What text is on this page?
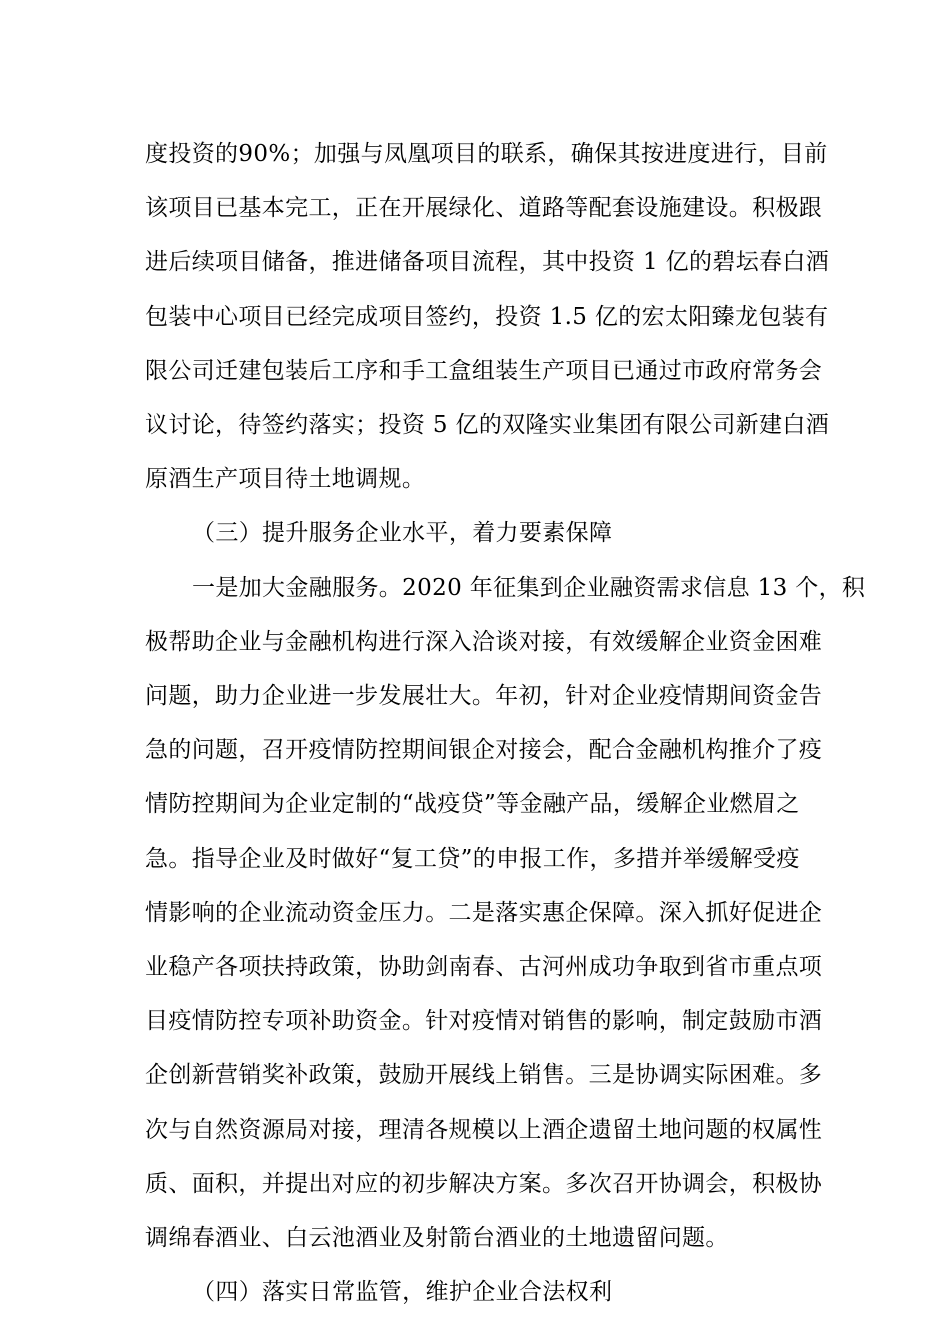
度投资的90%；加强与凤凰项目的联系，确保其按进度进行，目前
该项目已基本完工，正在开展绿化、道路等配套设施建设。积极跟
进后续项目储备，推进储备项目流程，其中投资 1 亿的碧坛春白酒
包装中心项目已经完成项目签约，投资 1.5 亿的宏太阳臻龙包装有
限公司迁建包装后工序和手工盒组装生产项目已通过市政府常务会
议讨论，待签约落实；投资 5 亿的双隆实业集团有限公司新建白酒
原酒生产项目待土地调规。
（三）提升服务企业水平，着力要素保障
一是加大金融服务。2020 年征集到企业融资需求信息 13 个，积
极帮助企业与金融机构进行深入洽谈对接，有效缓解企业资金困难
问题，助力企业进一步发展壮大。年初，针对企业疫情期间资金告
急的问题，召开疫情防控期间银企对接会，配合金融机构推介了疫
情防控期间为企业定制的“战疫贷”等金融产品，缓解企业燃眉之
急。指导企业及时做好“复工贷”的申报工作，多措并举缓解受疫
情影响的企业流动资金压力。二是落实惠企保障。深入抓好促进企
业稳产各项扶持政策，协助剑南春、古河州成功争取到省市重点项
目疫情防控专项补助资金。针对疫情对销售的影响，制定鼓励市酒
企创新营销奖补政策，鼓励开展线上销售。三是协调实际困难。多
次与自然资源局对接，理清各规模以上酒企遗留土地问题的权属性
质、面积，并提出对应的初步解决方案。多次召开协调会，积极协
调绵春酒业、白云池酒业及射箭台酒业的土地遗留问题。
（四）落实日常监管，维护企业合法权利
